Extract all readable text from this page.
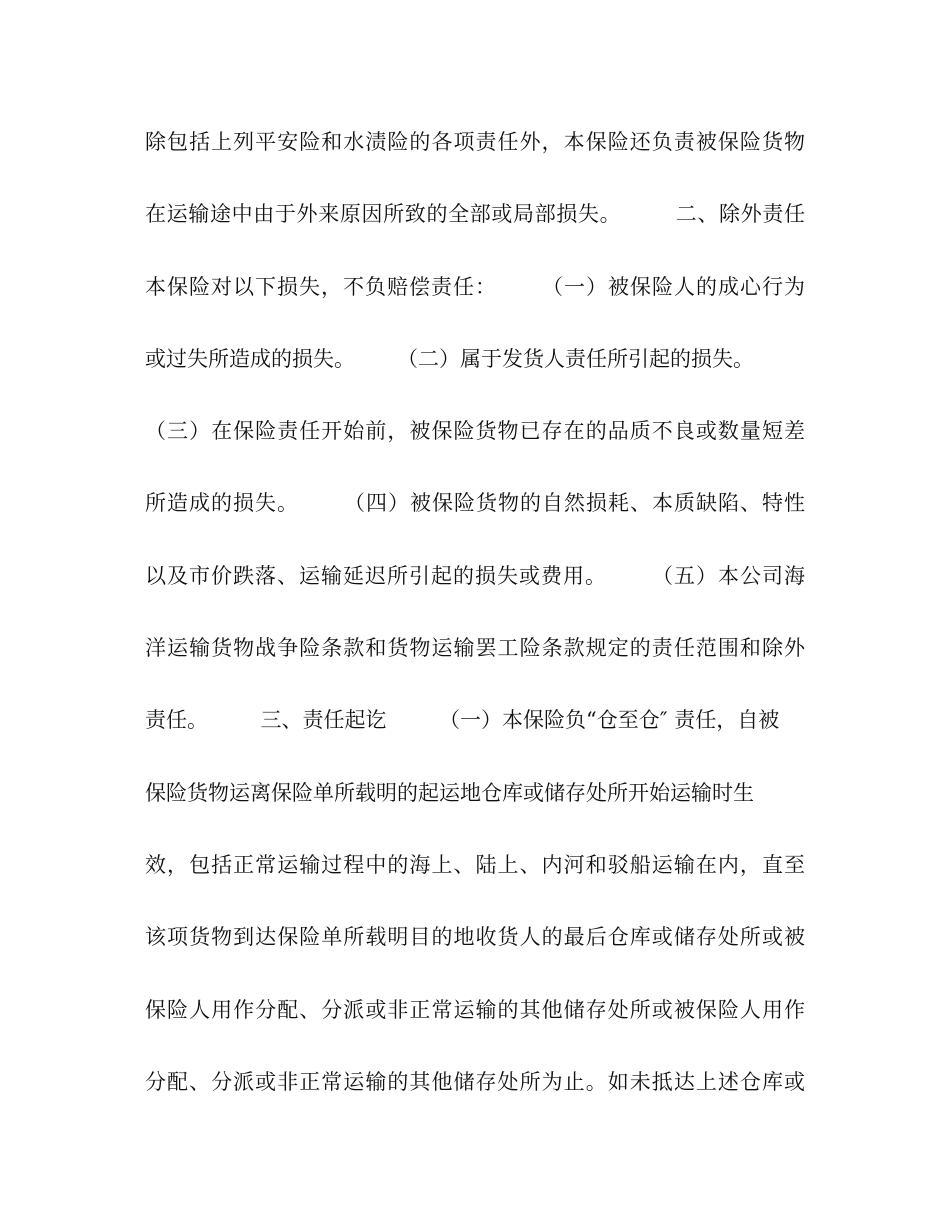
除包括上列平安险和水渍险的各项责任外，本保险还负责被保险货物
在运输途中由于外来原因所致的全部或局部损失。　　　二、除外责任
本保险对以下损失，不负赔偿责任：　　　（一）被保险人的成心行为
或过失所造成的损失。　　　（二）属于发货人责任所引起的损失。
（三）在保险责任开始前，被保险货物已存在的品质不良或数量短差
所造成的损失。　　　（四）被保险货物的自然损耗、本质缺陷、特性
以及市价跌落、运输延迟所引起的损失或费用。　　　（五）本公司海
洋运输货物战争险条款和货物运输罢工险条款规定的责任范围和除外
责任。　　　三、责任起讫　　　（一）本保险负“仓至仓″ 责任，自被
保险货物运离保险单所载明的起运地仓库或储存处所开始运输时生
效，包括正常运输过程中的海上、陆上、内河和驳船运输在内，直至
该项货物到达保险单所载明目的地收货人的最后仓库或储存处所或被
保险人用作分配、分派或非正常运输的其他储存处所或被保险人用作
分配、分派或非正常运输的其他储存处所为止。如未抵达上述仓库或
